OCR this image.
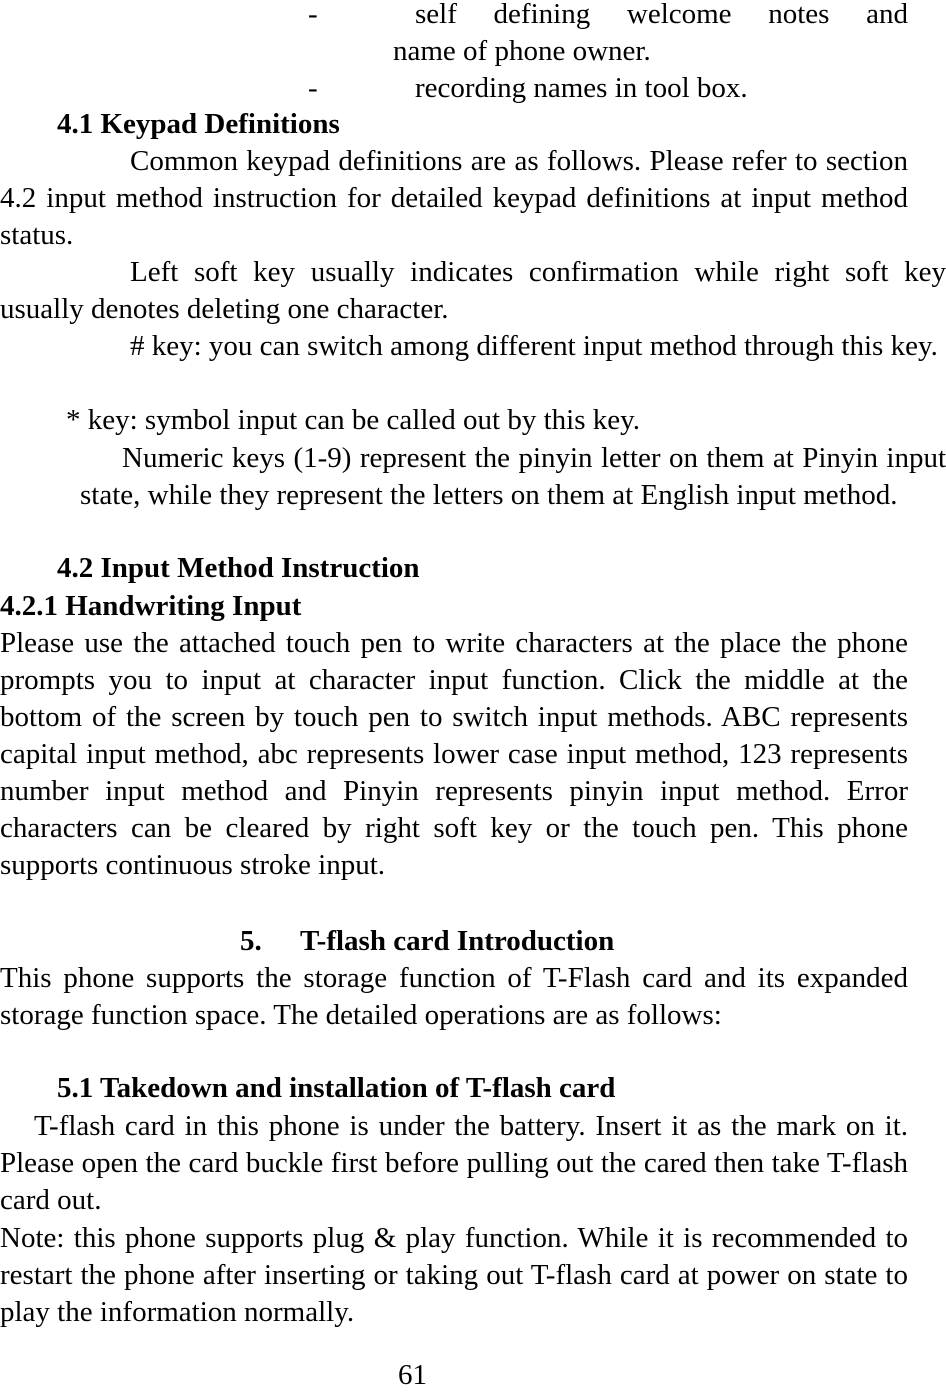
-	self defining welcome notes and
name of phone owner.
-	recording names in tool box.
4.1 Keypad Definitions

Common keypad definitions are as follows. Please refer to section 4.2 input method instruction for detailed keypad definitions at input method status.

Left soft key usually indicates confirmation while right soft key usually denotes deleting one character.

# key: you can switch among different input method through this key.

* key: symbol input can be called out by this key.

Numeric keys (1-9) represent the pinyin letter on them at Pinyin input state, while they represent the letters on them at English input method.

4.2 Input Method Instruction
4.2.1 Handwriting Input

Please use the attached touch pen to write characters at the place the phone prompts you to input at character input function. Click the middle at the bottom of the screen by touch pen to switch input methods. ABC represents capital input method, abc represents lower case input method, 123 represents number input method and Pinyin represents pinyin input method. Error characters can be cleared by right soft key or the touch pen. This phone supports continuous stroke input.

5. T-flash card Introduction

This phone supports the storage function of T-Flash card and its expanded storage function space. The detailed operations are as follows:

5.1 Takedown and installation of T-flash card

T-flash card in this phone is under the battery. Insert it as the mark on it. Please open the card buckle first before pulling out the cared then take T-flash card out.

Note: this phone supports plug & play function. While it is recommended to restart the phone after inserting or taking out T-flash card at power on state to play the information normally.

61
